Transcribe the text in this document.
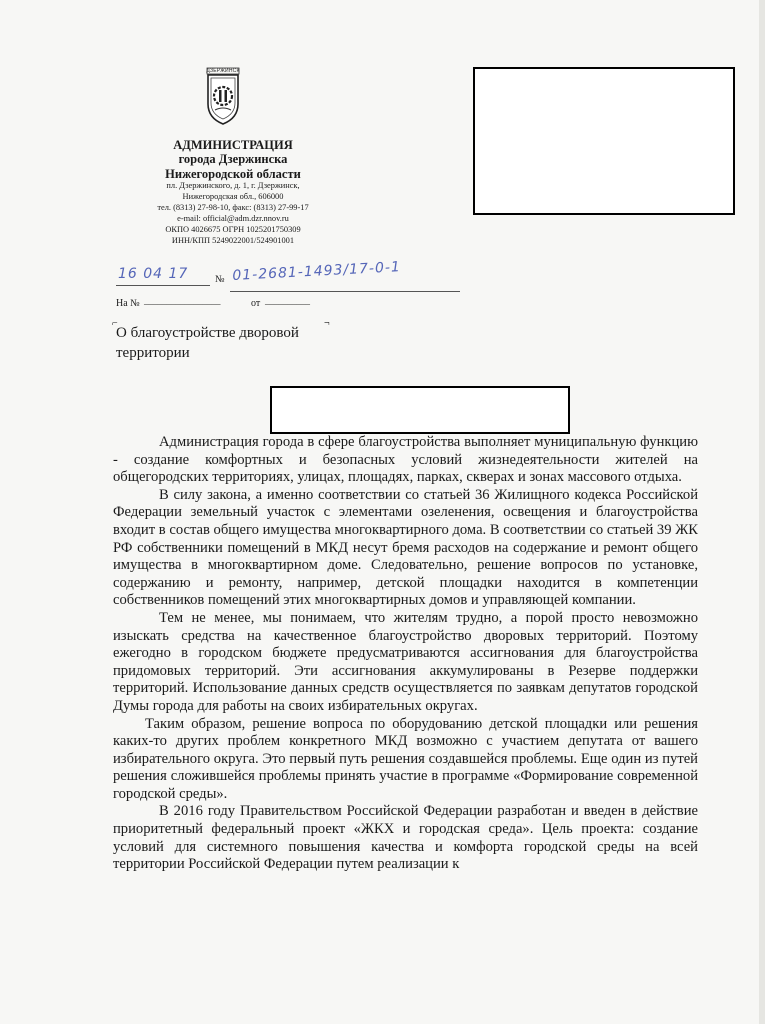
ДЗЕРЖИНСК
АДМИНИСТРАЦИЯ
города Дзержинска
Нижегородской области
пл. Дзержинского, д. 1, г. Дзержинск,
Нижегородская обл., 606000
тел. (8313) 27-98-10, факс: (8313) 27-99-17
e-mail: official@adm.dzr.nnov.ru
ОКПО 4026675 ОГРН 1025201750309
ИНН/КПП 5249022001/524901001
16 04 17	№ 01-2681-1493/17-0-1
На № _________________	от __________
⌐	¬
О благоустройстве дворовой
территории

Администрация города в сфере благоустройства выполняет муниципальную функцию - создание комфортных и безопасных условий жизнедеятельности жителей на общегородских территориях, улицах, площадях, парках, скверах и зонах массового отдыха.

В силу закона, а именно соответствии со статьей 36 Жилищного кодекса Российской Федерации земельный участок с элементами озеленения, освещения и благоустройства входит в состав общего имущества многоквартирного дома. В соответствии со статьей 39 ЖК РФ собственники помещений в МКД несут бремя расходов на содержание и ремонт общего имущества в многоквартирном доме. Следовательно, решение вопросов по установке, содержанию и ремонту, например, детской площадки находится в компетенции собственников помещений этих многоквартирных домов и управляющей компании.

Тем не менее, мы понимаем, что жителям трудно, а порой просто невозможно изыскать средства на качественное благоустройство дворовых территорий. Поэтому ежегодно в городском бюджете предусматриваются ассигнования для благоустройства придомовых территорий. Эти ассигнования аккумулированы в Резерве поддержки территорий. Использование данных средств осуществляется по заявкам депутатов городской Думы города для работы на своих избирательных округах.

Таким образом, решение вопроса по оборудованию детской площадки или решения каких-то других проблем конкретного МКД возможно с участием депутата от вашего избирательного округа. Это первый путь решения создавшейся проблемы. Еще один из путей решения сложившейся проблемы принять участие в программе «Формирование современной городской среды».

В 2016 году Правительством Российской Федерации разработан и введен в действие приоритетный федеральный проект «ЖКХ и городская среда». Цель проекта: создание условий для системного повышения качества и комфорта городской среды на всей территории Российской Федерации путем реализации к
